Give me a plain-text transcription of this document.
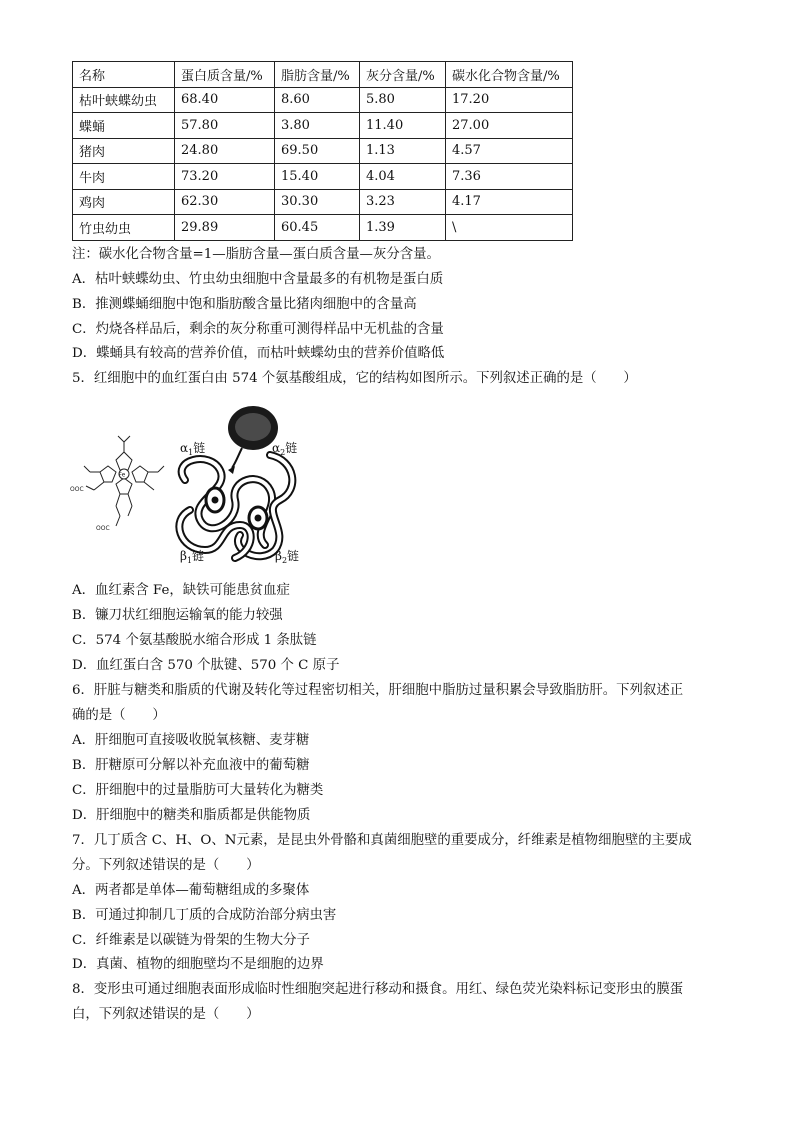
名称	蛋白质含量/%	脂肪含量/%	灰分含量/%	碳水化合物含量/%
枯叶蛱蝶幼虫	68.40	8.60	5.80	17.20
蝶蛹	57.80	3.80	11.40	27.00
猪肉	24.80	69.50	1.13	4.57
牛肉	73.20	15.40	4.04	7.36
鸡肉	62.30	30.30	3.23	4.17
竹虫幼虫	29.89	60.45	1.39	\
注：碳水化合物含量=1—脂肪含量—蛋白质含量—灰分含量。
A．枯叶蛱蝶幼虫、竹虫幼虫细胞中含量最多的有机物是蛋白质
B．推测蝶蛹细胞中饱和脂肪酸含量比猪肉细胞中的含量高
C．灼烧各样品后，剩余的灰分称重可测得样品中无机盐的含量
D．蝶蛹具有较高的营养价值，而枯叶蛱蝶幼虫的营养价值略低
5．红细胞中的血红蛋白由 574 个氨基酸组成，它的结构如图所示。下列叙述正确的是（　　）
Fe
OOC
OOC
$\alpha_1$链	$\alpha_2$链
$\beta_1$链	$\beta_2$链
A．血红素含 Fe，缺铁可能患贫血症
B．镰刀状红细胞运输氧的能力较强
C．574 个氨基酸脱水缩合形成 1 条肽链
D．血红蛋白含 570 个肽键、570 个 C 原子
6．肝脏与糖类和脂质的代谢及转化等过程密切相关，肝细胞中脂肪过量积累会导致脂肪肝。下列叙述正
确的是（　　）
A．肝细胞可直接吸收脱氧核糖、麦芽糖
B．肝糖原可分解以补充血液中的葡萄糖
C．肝细胞中的过量脂肪可大量转化为糖类
D．肝细胞中的糖类和脂质都是供能物质
7．几丁质含 C、H、O、N元素，是昆虫外骨骼和真菌细胞壁的重要成分，纤维素是植物细胞壁的主要成
分。下列叙述错误的是（　　）
A．两者都是单体—葡萄糖组成的多聚体
B．可通过抑制几丁质的合成防治部分病虫害
C．纤维素是以碳链为骨架的生物大分子
D．真菌、植物的细胞壁均不是细胞的边界
8．变形虫可通过细胞表面形成临时性细胞突起进行移动和摄食。用红、绿色荧光染料标记变形虫的膜蛋
白，下列叙述错误的是（　　）
